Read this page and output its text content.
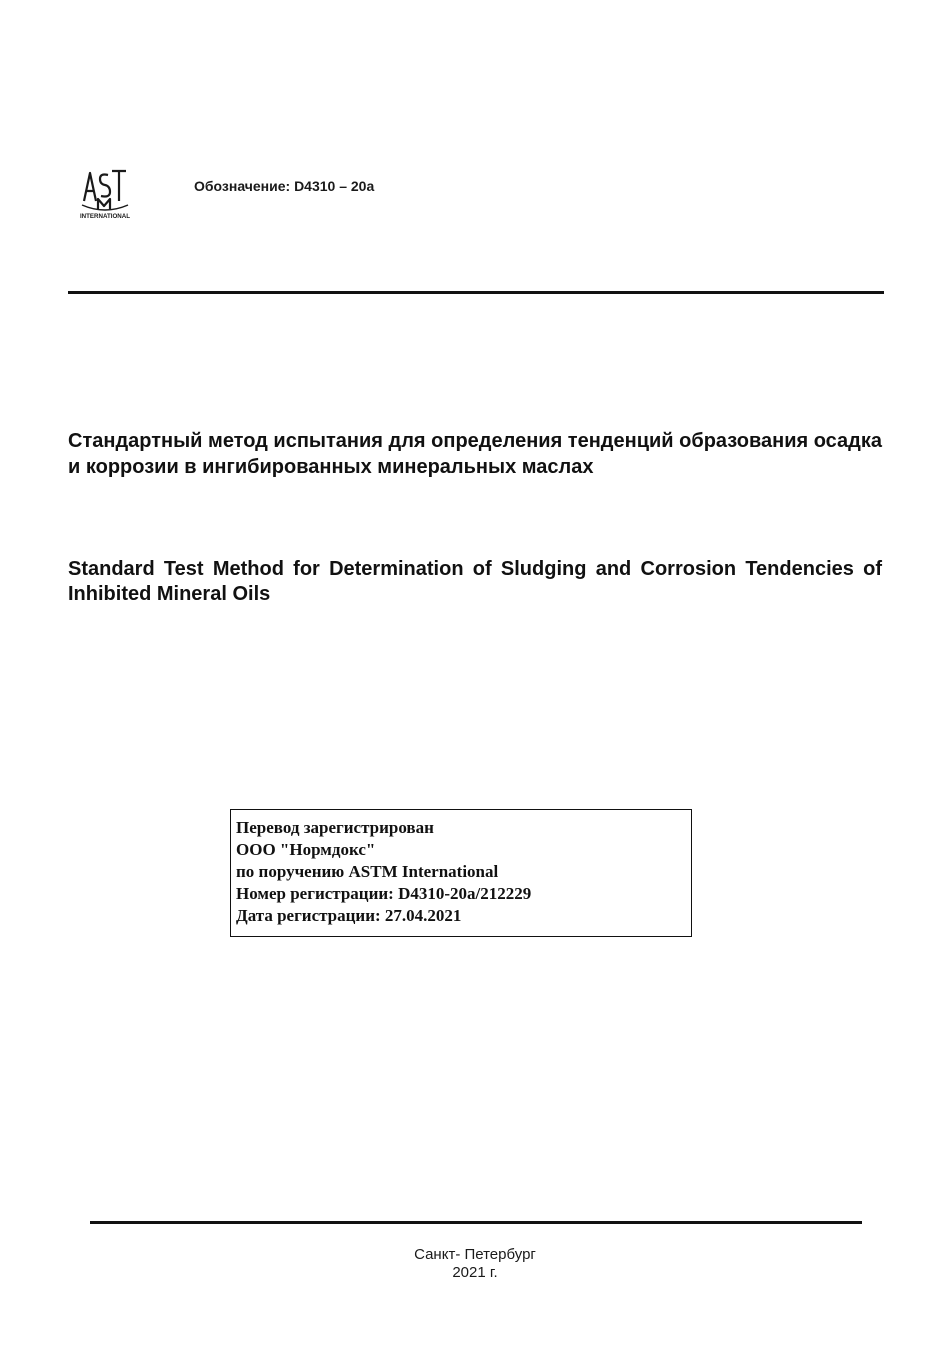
INTERNATIONAL
Обозначение: D4310 – 20a

Стандартный метод испытания для определения тенденций образования осадка и коррозии в ингибированных минеральных маслах

Standard Test Method for Determination of Sludging and Corrosion Tendencies of Inhibited Mineral Oils

Перевод зарегистрирован
ООО "Нормдокс"
по поручению ASTM International
Номер регистрации: D4310-20a/212229
Дата регистрации: 27.04.2021
Санкт- Петербург
2021 г.
